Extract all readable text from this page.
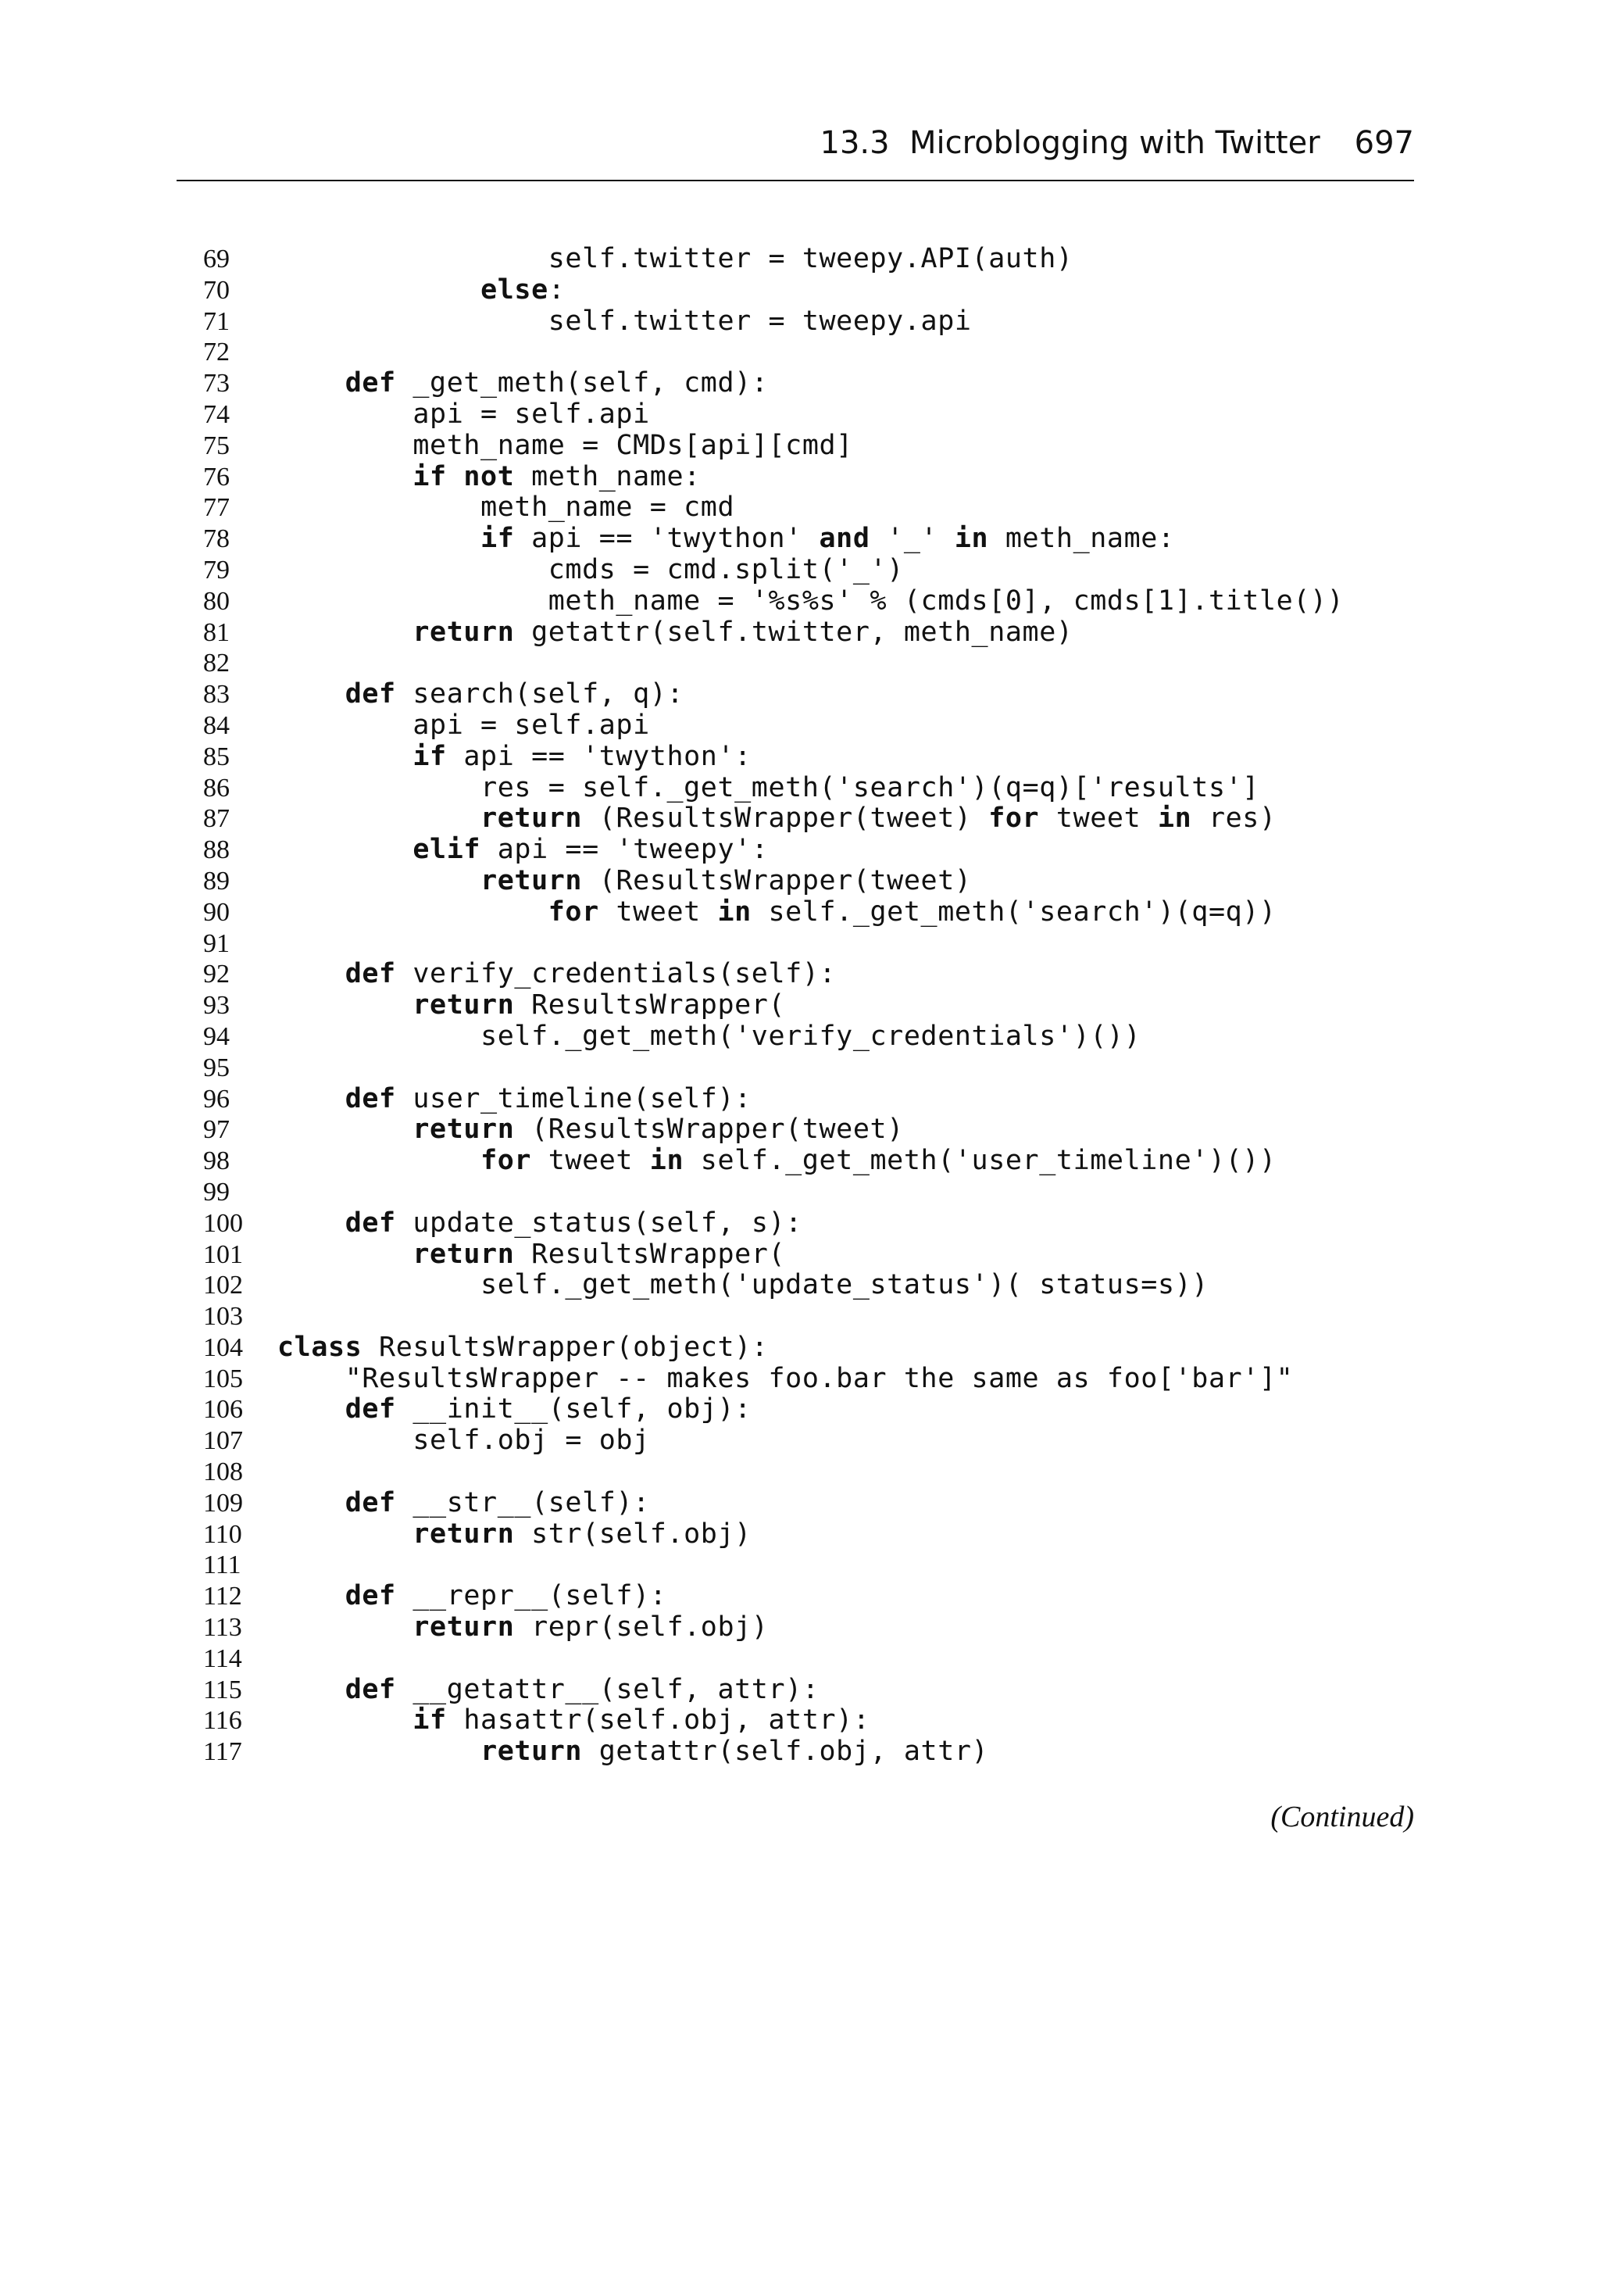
13.3  Microblogging with Twitter 697
69	self.twitter = tweepy.API(auth)
70	else:
71	self.twitter = tweepy.api
72
73	def _get_meth(self, cmd):
74	api = self.api
75	meth_name = CMDs[api][cmd]
76	if not meth_name:
77	meth_name = cmd
78	if api == 'twython' and '_' in meth_name:
79	cmds = cmd.split('_')
80	meth_name = '%s%s' % (cmds[0], cmds[1].title())
81	return getattr(self.twitter, meth_name)
82
83	def search(self, q):
84	api = self.api
85	if api == 'twython':
86	res = self._get_meth('search')(q=q)['results']
87	return (ResultsWrapper(tweet) for tweet in res)
88	elif api == 'tweepy':
89	return (ResultsWrapper(tweet)
90	for tweet in self._get_meth('search')(q=q))
91
92	def verify_credentials(self):
93	return ResultsWrapper(
94	self._get_meth('verify_credentials')())
95
96	def user_timeline(self):
97	return (ResultsWrapper(tweet)
98	for tweet in self._get_meth('user_timeline')())
99
100	def update_status(self, s):
101	return ResultsWrapper(
102	self._get_meth('update_status')( status=s))
103
104	class ResultsWrapper(object):
105	"ResultsWrapper -- makes foo.bar the same as foo['bar']"
106	def __init__(self, obj):
107	self.obj = obj
108
109	def __str__(self):
110	return str(self.obj)
111
112	def __repr__(self):
113	return repr(self.obj)
114
115	def __getattr__(self, attr):
116	if hasattr(self.obj, attr):
117	return getattr(self.obj, attr)
(Continued)
